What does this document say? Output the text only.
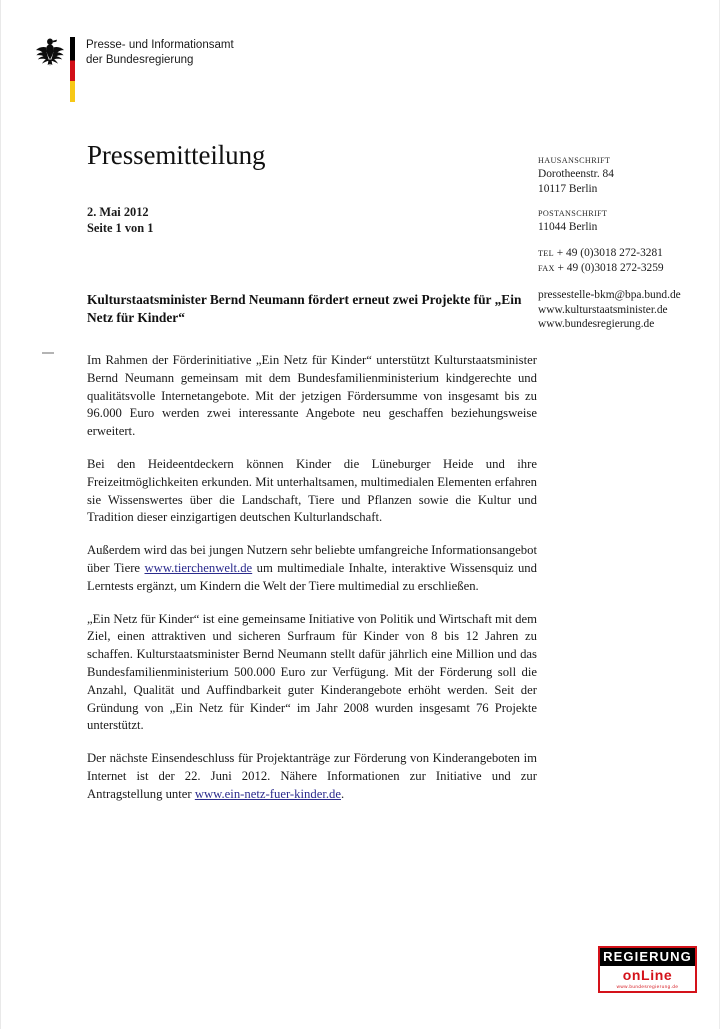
Presse- und Informationsamt
der Bundesregierung
Pressemitteilung
2. Mai 2012
Seite 1 von 1
HAUSANSCHRIFT
Dorotheenstr. 84
10117 Berlin
POSTANSCHRIFT
11044 Berlin
TEL + 49 (0)3018 272-3281
FAX + 49 (0)3018 272-3259
pressestelle-bkm@bpa.bund.de
www.kulturstaatsminister.de
www.bundesregierung.de
Kulturstaatsminister Bernd Neumann fördert erneut zwei Projekte für „Ein Netz für Kinder“

Im Rahmen der Förderinitiative „Ein Netz für Kinder“ unterstützt Kulturstaatsminister Bernd Neumann gemeinsam mit dem Bundesfamilienministerium kindgerechte und qualitätsvolle Internetangebote. Mit der jetzigen Fördersumme von insgesamt bis zu 96.000 Euro werden zwei interessante Angebote neu geschaffen beziehungsweise erweitert.

Bei den Heideentdeckern können Kinder die Lüneburger Heide und ihre Freizeitmöglichkeiten erkunden. Mit unterhaltsamen, multimedialen Elementen erfahren sie Wissenswertes über die Landschaft, Tiere und Pflanzen sowie die Kultur und Tradition dieser einzigartigen deutschen Kulturlandschaft.

Außerdem wird das bei jungen Nutzern sehr beliebte umfangreiche Informationsangebot über Tiere www.tierchenwelt.de um multimediale Inhalte, interaktive Wissensquiz und Lerntests ergänzt, um Kindern die Welt der Tiere multimedial zu erschließen.

„Ein Netz für Kinder“ ist eine gemeinsame Initiative von Politik und Wirtschaft mit dem Ziel, einen attraktiven und sicheren Surfraum für Kinder von 8 bis 12 Jahren zu schaffen. Kulturstaatsminister Bernd Neumann stellt dafür jährlich eine Million und das Bundesfamilienministerium 500.000 Euro zur Verfügung. Mit der Förderung soll die Anzahl, Qualität und Auffindbarkeit guter Kinderangebote erhöht werden. Seit der Gründung von „Ein Netz für Kinder“ im Jahr 2008 wurden insgesamt 76 Projekte unterstützt.

Der nächste Einsendeschluss für Projektanträge zur Förderung von Kinderangeboten im Internet ist der 22. Juni 2012. Nähere Informationen zur Initiative und zur Antragstellung unter www.ein-netz-fuer-kinder.de.

REGIERUNG
onLine
www.bundesregierung.de
